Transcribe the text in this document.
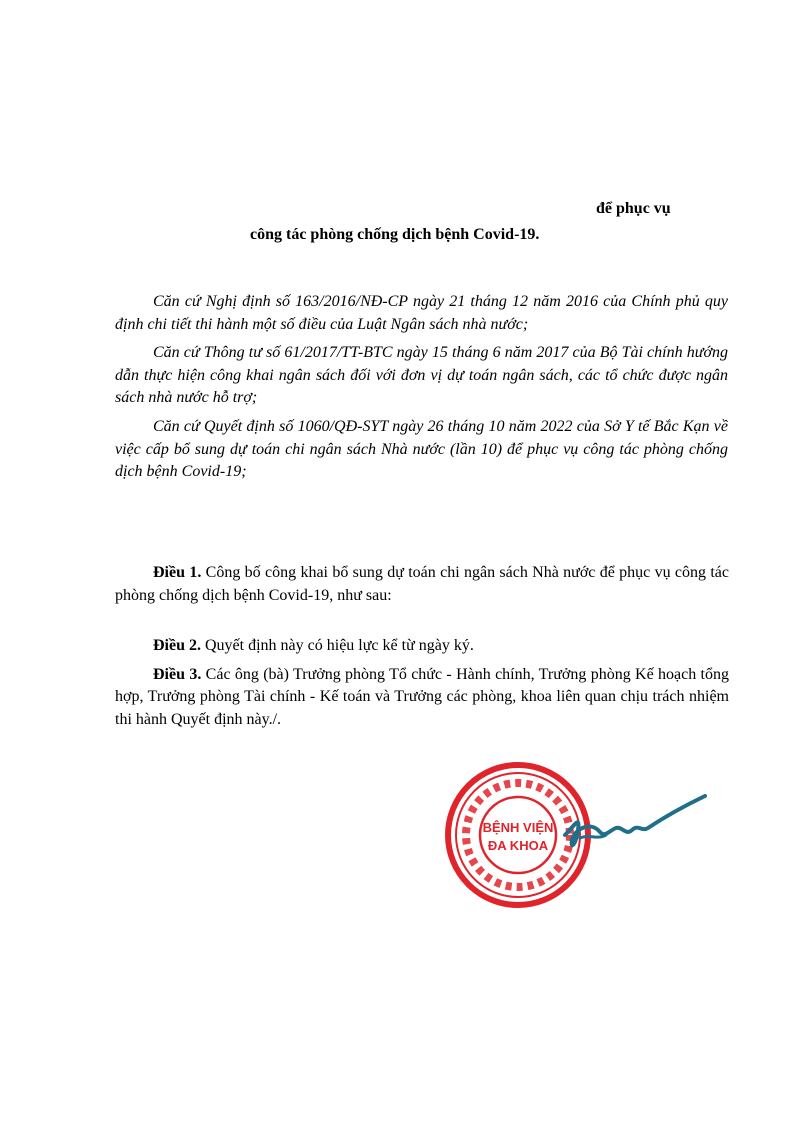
để phục vụ
công tác phòng chống dịch bệnh Covid-19.

Căn cứ Nghị định số 163/2016/NĐ-CP ngày 21 tháng 12 năm 2016 của Chính phủ quy định chi tiết thi hành một số điều của Luật Ngân sách nhà nước;

Căn cứ Thông tư số 61/2017/TT-BTC ngày 15 tháng 6 năm 2017 của Bộ Tài chính hướng dẫn thực hiện công khai ngân sách đối với đơn vị dự toán ngân sách, các tổ chức được ngân sách nhà nước hỗ trợ;

Căn cứ Quyết định số 1060/QĐ-SYT ngày 26 tháng 10 năm 2022 của Sở Y tế Bắc Kạn về việc cấp bổ sung dự toán chi ngân sách Nhà nước (lần 10) để phục vụ công tác phòng chống dịch bệnh Covid-19;

Điều 1. Công bố công khai bổ sung dự toán chi ngân sách Nhà nước để phục vụ công tác phòng chống dịch bệnh Covid-19, như sau:

Điều 2. Quyết định này có hiệu lực kể từ ngày ký.

Điều 3. Các ông (bà) Trưởng phòng Tổ chức - Hành chính, Trưởng phòng Kế hoạch tổng hợp, Trưởng phòng Tài chính - Kế toán và Trưởng các phòng, khoa liên quan chịu trách nhiệm thi hành Quyết định này./.

BỆNH VIỆN
ĐA KHOA
